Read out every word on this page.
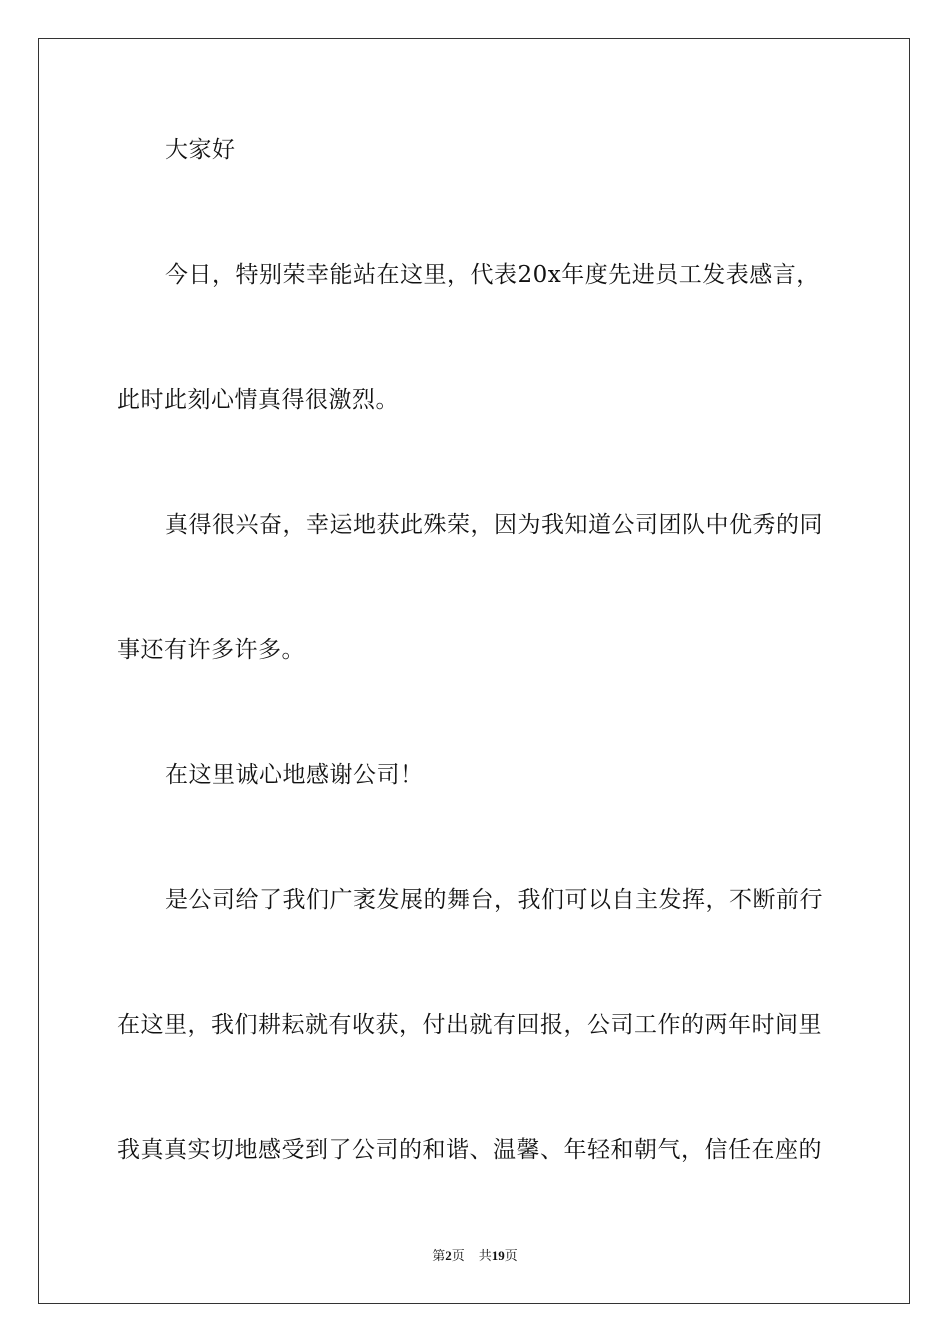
大家好
今日，特别荣幸能站在这里，代表20x年度先进员工发表感言，
此时此刻心情真得很激烈。
真得很兴奋，幸运地获此殊荣，因为我知道公司团队中优秀的同
事还有许多许多。
在这里诚心地感谢公司！
是公司给了我们广袤发展的舞台，我们可以自主发挥，不断前行
在这里，我们耕耘就有收获，付出就有回报，公司工作的两年时间里
我真真实切地感受到了公司的和谐、温馨、年轻和朝气，信任在座的
第2页 共19页
